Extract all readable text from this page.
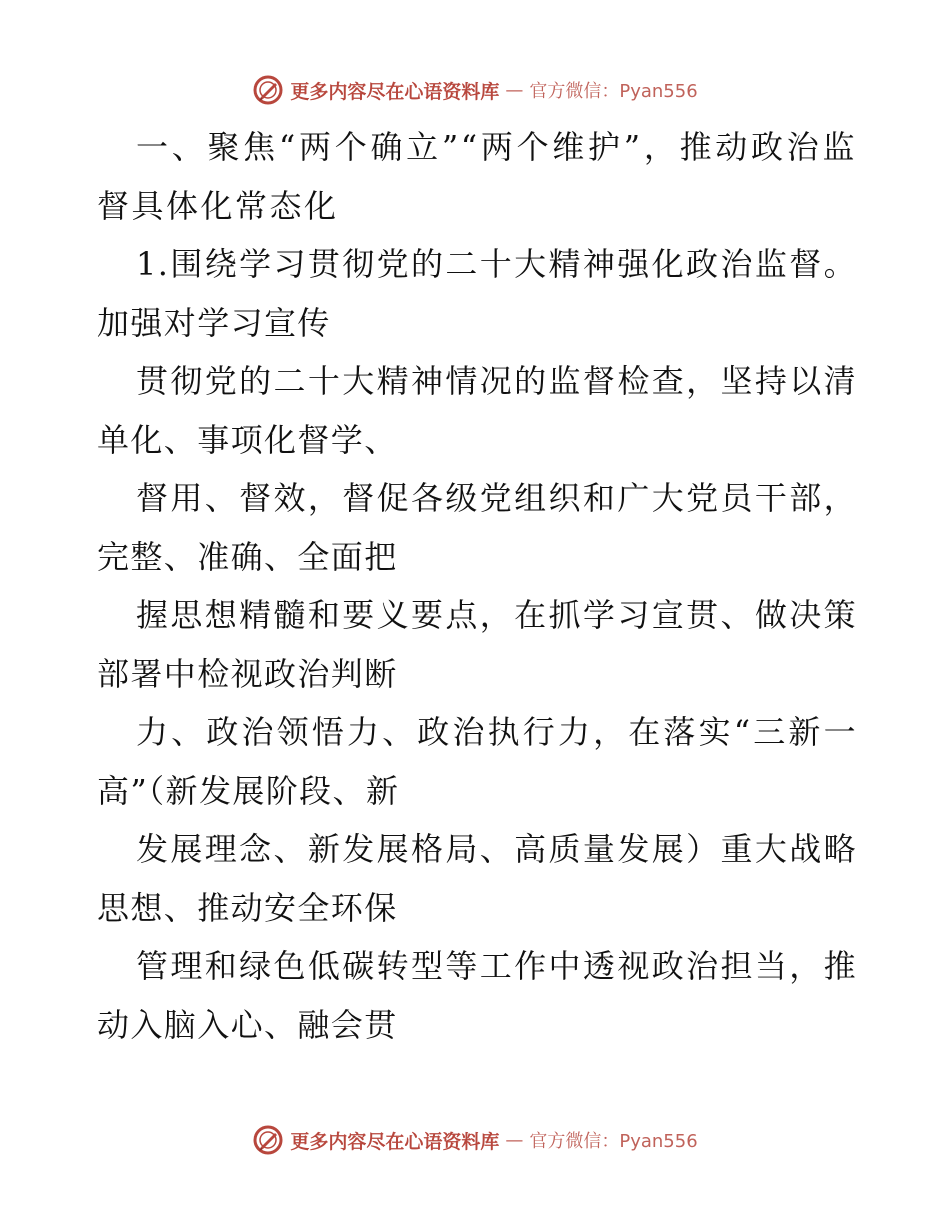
更多内容尽在心语资料库 — 官方微信：Pyan556

一、聚焦“两个确立”“两个维护”，推动政治监督具体化常态化

1.围绕学习贯彻党的二十大精神强化政治监督。加强对学习宣传

贯彻党的二十大精神情况的监督检查，坚持以清单化、事项化督学、

督用、督效，督促各级党组织和广大党员干部，完整、准确、全面把

握思想精髓和要义要点，在抓学习宣贯、做决策部署中检视政治判断

力、政治领悟力、政治执行力，在落实“三新一高”（新发展阶段、新

发展理念、新发展格局、高质量发展）重大战略思想、推动安全环保

管理和绿色低碳转型等工作中透视政治担当，推动入脑入心、融会贯

更多内容尽在心语资料库 — 官方微信：Pyan556
